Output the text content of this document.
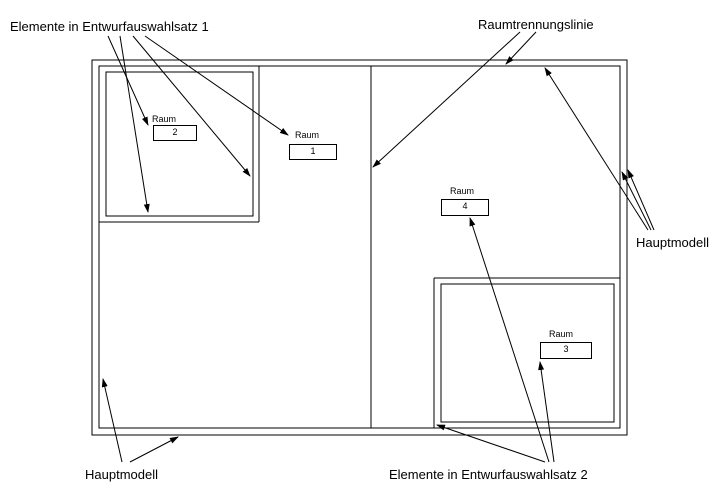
Elemente in Entwurfauswahlsatz 1	Raumtrennungslinie
Hauptmodell
Hauptmodell	Elemente in Entwurfauswahlsatz 2
Raum
2	Raum
1
Raum
4
Raum
3
